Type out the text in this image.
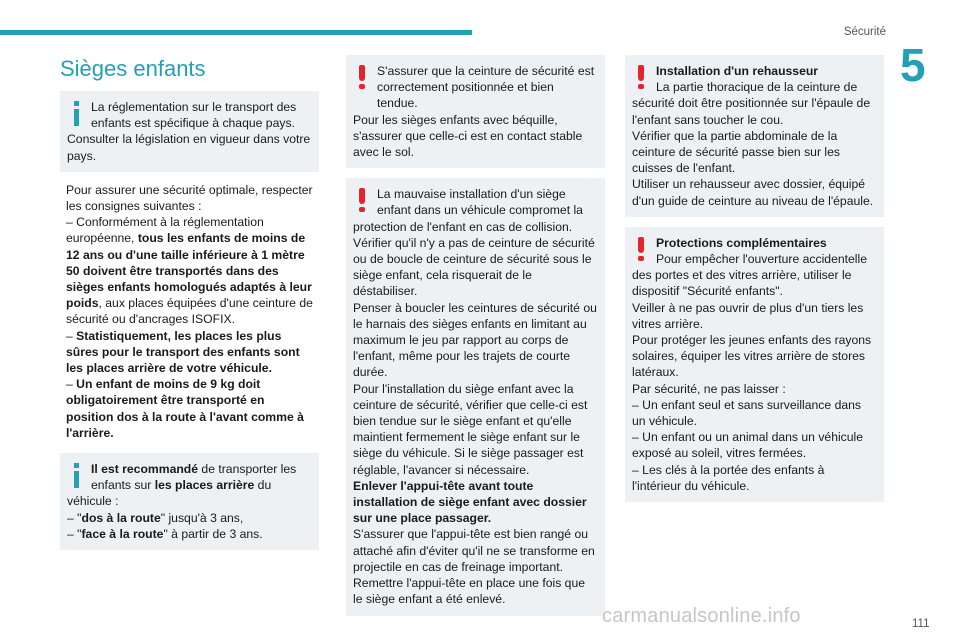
Sécurité
5
Sièges enfants
La réglementation sur le transport des enfants est spécifique à chaque pays.
Consulter la législation en vigueur dans votre pays.
Pour assurer une sécurité optimale, respecter les consignes suivantes :
– Conformément à la réglementation européenne, tous les enfants de moins de 12 ans ou d'une taille inférieure à 1 mètre 50 doivent être transportés dans des sièges enfants homologués adaptés à leur poids, aux places équipées d'une ceinture de sécurité ou d'ancrages ISOFIX.
– Statistiquement, les places les plus sûres pour le transport des enfants sont les places arrière de votre véhicule.
– Un enfant de moins de 9 kg doit obligatoirement être transporté en position dos à la route à l'avant comme à l'arrière.
Il est recommandé de transporter les enfants sur les places arrière du
véhicule :
– "dos à la route" jusqu'à 3 ans,
– "face à la route" à partir de 3 ans.
S'assurer que la ceinture de sécurité est correctement positionnée et bien tendue.
Pour les sièges enfants avec béquille, s'assurer que celle-ci est en contact stable avec le sol.
La mauvaise installation d'un siège enfant dans un véhicule compromet la
protection de l'enfant en cas de collision.
Vérifier qu'il n'y a pas de ceinture de sécurité ou de boucle de ceinture de sécurité sous le siège enfant, cela risquerait de le déstabiliser.
Penser à boucler les ceintures de sécurité ou le harnais des sièges enfants en limitant au maximum le jeu par rapport au corps de l'enfant, même pour les trajets de courte durée.
Pour l'installation du siège enfant avec la ceinture de sécurité, vérifier que celle-ci est bien tendue sur le siège enfant et qu'elle maintient fermement le siège enfant sur le siège du véhicule. Si le siège passager est réglable, l'avancer si nécessaire.
Enlever l'appui-tête avant toute installation de siège enfant avec dossier sur une place passager.
S'assurer que l'appui-tête est bien rangé ou attaché afin d'éviter qu'il ne se transforme en projectile en cas de freinage important. Remettre l'appui-tête en place une fois que le siège enfant a été enlevé.
Installation d'un rehausseur
La partie thoracique de la ceinture de
sécurité doit être positionnée sur l'épaule de l'enfant sans toucher le cou.
Vérifier que la partie abdominale de la ceinture de sécurité passe bien sur les cuisses de l'enfant.
Utiliser un rehausseur avec dossier, équipé d'un guide de ceinture au niveau de l'épaule.
Protections complémentaires
Pour empêcher l'ouverture accidentelle
des portes et des vitres arrière, utiliser le dispositif "Sécurité enfants".
Veiller à ne pas ouvrir de plus d'un tiers les vitres arrière.
Pour protéger les jeunes enfants des rayons solaires, équiper les vitres arrière de stores latéraux.
Par sécurité, ne pas laisser :
– Un enfant seul et sans surveillance dans un véhicule.
– Un enfant ou un animal dans un véhicule exposé au soleil, vitres fermées.
– Les clés à la portée des enfants à l'intérieur du véhicule.
carmanualsonline.info	111
